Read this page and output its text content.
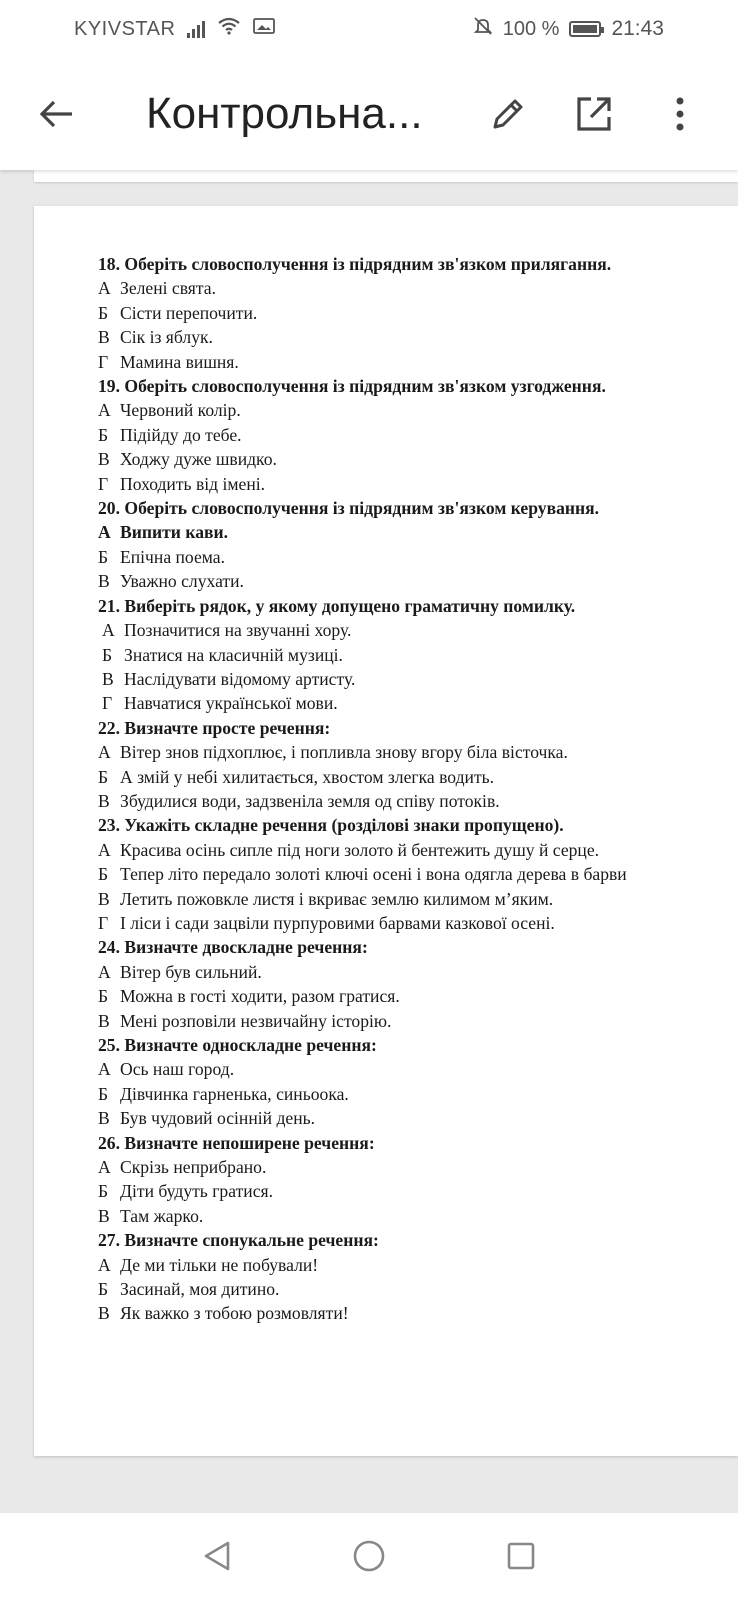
KYIVSTAR	100 % 21:43
Контрольна...
18. Оберіть словосполучення із підрядним зв'язком прилягання.
А Зелені свята.
Б Сісти перепочити.
В Сік із яблук.
Г Мамина вишня.
19. Оберіть словосполучення із підрядним зв'язком узгодження.
А Червоний колір.
Б Підійду до тебе.
В Ходжу дуже швидко.
Г Походить від імені.
20. Оберіть словосполучення із підрядним зв'язком керування.
А Випити кави.
Б Епічна поема.
В Уважно слухати.
21. Виберіть рядок, у якому допущено граматичну помилку.
А Позначитися на звучанні хору.
Б Знатися на класичній музиці.
В Наслідувати відомому артисту.
Г Навчатися української мови.
22. Визначте просте речення:
А Вітер знов підхоплює, і попливла знову вгору біла вісточка.
Б А змій у небі хилитається, хвостом злегка водить.
В Збудилися води, задзвеніла земля од співу потоків.
23. Укажіть складне речення (розділові знаки пропущено).
А Красива осінь сипле під ноги золото й бентежить душу й серце.
Б Тепер літо передало золоті ключі осені і вона одягла дерева в барви
В Летить пожовкле листя і вкриває землю килимом м’яким.
Г І ліси і сади зацвіли пурпуровими барвами казкової осені.
24. Визначте двоскладне речення:
А Вітер був сильний.
Б Можна в гості ходити, разом гратися.
В Мені розповіли незвичайну історію.
25. Визначте односкладне речення:
А Ось наш город.
Б Дівчинка гарненька, синьоока.
В Був чудовий осінній день.
26. Визначте непоширене речення:
А Скрізь неприбрано.
Б Діти будуть гратися.
В Там жарко.
27. Визначте спонукальне речення:
А Де ми тільки не побували!
Б Засинай, моя дитино.
В Як важко з тобою розмовляти!
